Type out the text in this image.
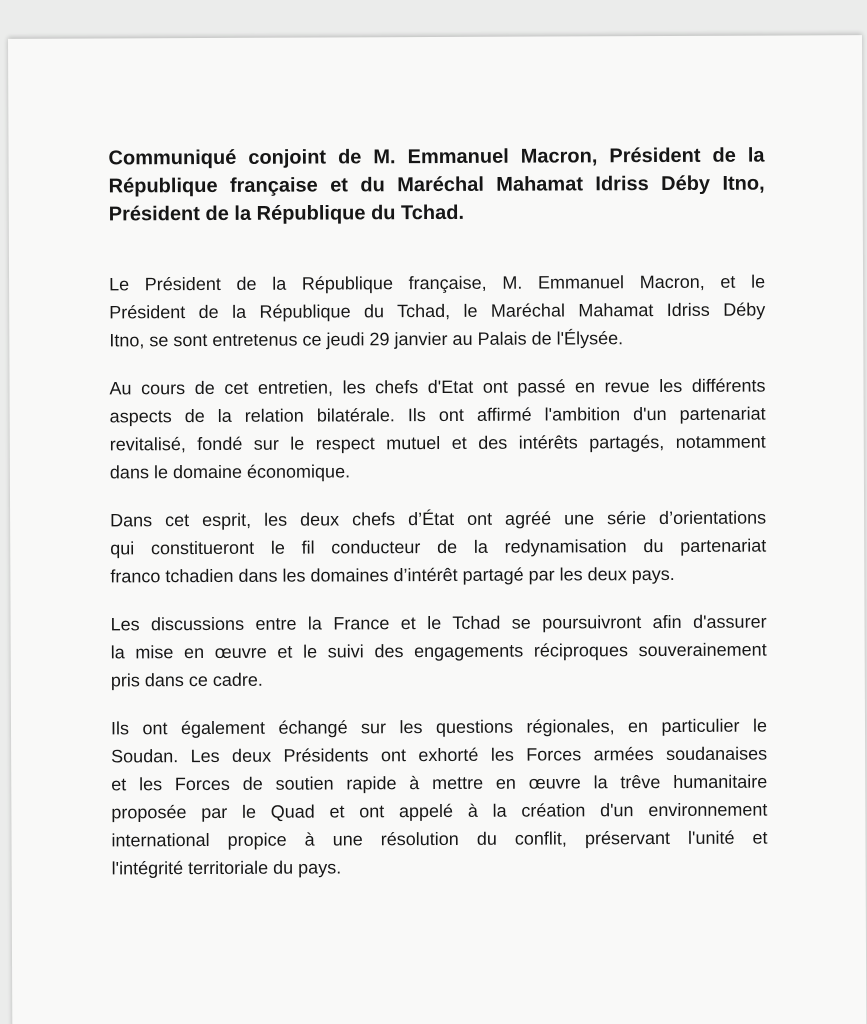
Communiqué conjoint de M. Emmanuel Macron, Président de la
République française et du Maréchal Mahamat Idriss Déby Itno,
Président de la République du Tchad.
Le Président de la République française, M. Emmanuel Macron, et le
Président de la République du Tchad, le Maréchal Mahamat Idriss Déby
Itno, se sont entretenus ce jeudi 29 janvier au Palais de l'Élysée.
Au cours de cet entretien, les chefs d'Etat ont passé en revue les différents
aspects de la relation bilatérale. Ils ont affirmé l'ambition d'un partenariat
revitalisé, fondé sur le respect mutuel et des intérêts partagés, notamment
dans le domaine économique.
Dans cet esprit, les deux chefs d’État ont agréé une série d’orientations
qui constitueront le fil conducteur de la redynamisation du partenariat
franco tchadien dans les domaines d’intérêt partagé par les deux pays.
Les discussions entre la France et le Tchad se poursuivront afin d'assurer
la mise en œuvre et le suivi des engagements réciproques souverainement
pris dans ce cadre.
Ils ont également échangé sur les questions régionales, en particulier le
Soudan. Les deux Présidents ont exhorté les Forces armées soudanaises
et les Forces de soutien rapide à mettre en œuvre la trêve humanitaire
proposée par le Quad et ont appelé à la création d'un environnement
international propice à une résolution du conflit, préservant l'unité et
l'intégrité territoriale du pays.
